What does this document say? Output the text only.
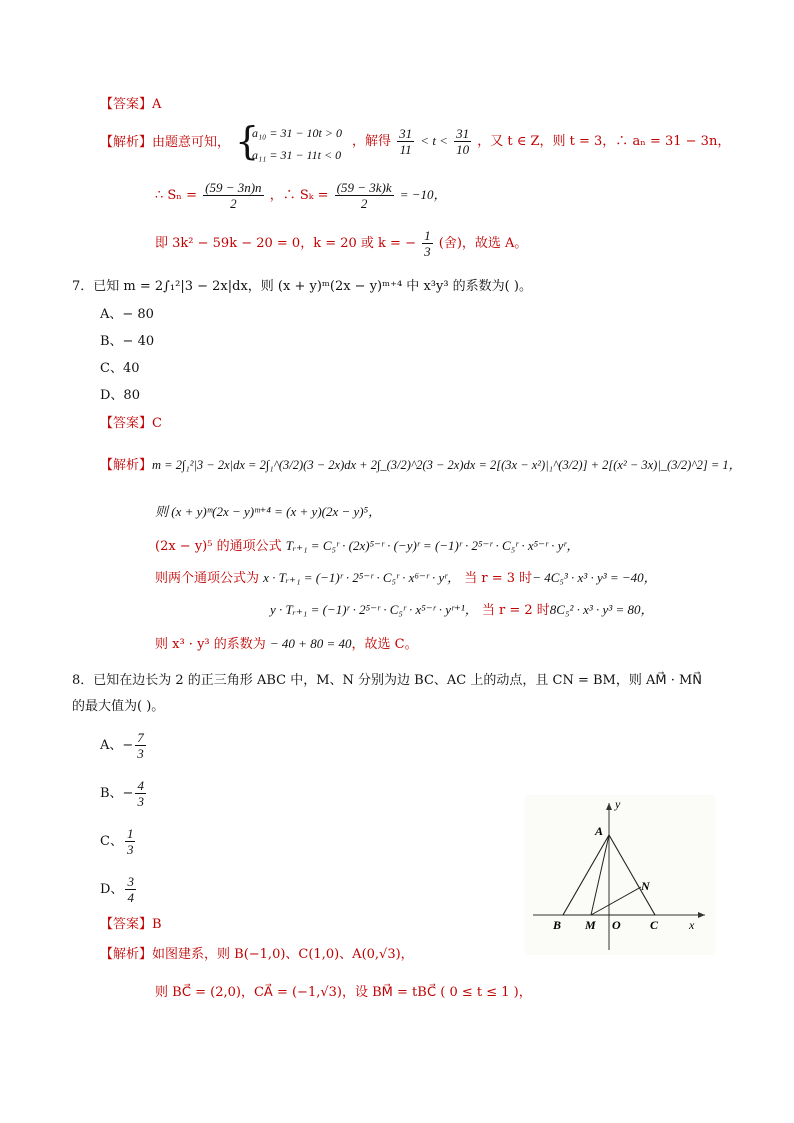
【答案】A
【解析】由题意可知， {
a₁₀ = 31 − 10t > 0
a₁₁ = 31 − 11t < 0
，解得 $\frac{31}{11} < t < \frac{31}{10}$ ，又 t ∈ Z，则 t = 3，∴ aₙ = 31 − 3n，
∴ $S_n = \frac{(59 - 3n)n}{2}$ ，∴ $S_k = \frac{(59 - 3k)k}{2} = -10$，
即 3k² − 59k − 20 = 0，k = 20 或 k = − $\frac{1}{3}$ (舍)，故选 A。
7．已知 m = 2∫₁²|3 − 2x|dx，则 (x + y)ᵐ(2x − y)ᵐ⁺⁴ 中 x³y³ 的系数为( )。
A、− 80
B、− 40
C、40
D、80
【答案】C
【解析】m = 2∫₁²|3 − 2x|dx = 2∫₁^(3/2)(3 − 2x)dx + 2∫_(3/2)^2(3 − 2x)dx = 2[(3x − x²)|₁^(3/2)] + 2[(x² − 3x)|_(3/2)^2] = 1，
则 (x + y)ᵐ(2x − y)ᵐ⁺⁴ = (x + y)(2x − y)⁵，
(2x − y)⁵ 的通项公式 Tᵣ₊₁ = C₅ʳ · (2x)⁵⁻ʳ · (−y)ʳ = (−1)ʳ · 2⁵⁻ʳ · C₅ʳ · x⁵⁻ʳ · yʳ，
则两个通项公式为 x · Tᵣ₊₁ = (−1)ʳ · 2⁵⁻ʳ · C₅ʳ · x⁶⁻ʳ · yʳ， 当 r = 3 时− 4C₅³ · x³ · y³ = −40，
y · Tᵣ₊₁ = (−1)ʳ · 2⁵⁻ʳ · C₅ʳ · x⁵⁻ʳ · yʳ⁺¹， 当 r = 2 时8C₅² · x³ · y³ = 80，
则 x³ · y³ 的系数为 − 40 + 80 = 40，故选 C。
8．已知在边长为 2 的正三角形 ABC 中，M、N 分别为边 BC、AC 上的动点，且 CN = BM，则 AM⃗ · MN⃗
的最大值为( )。
A、− $\frac{7}{3}$
B、− $\frac{4}{3}$
C、 $\frac{1}{3}$
D、 $\frac{3}{4}$
【答案】B
【解析】如图建系，则 B(−1,0)、C(1,0)、A(0,√3)，
则 BC⃗ = (2,0)，CA⃗ = (−1,√3)，设 BM⃗ = tBC⃗ ( 0 ≤ t ≤ 1 )，
y
x
A
N
B M O C
